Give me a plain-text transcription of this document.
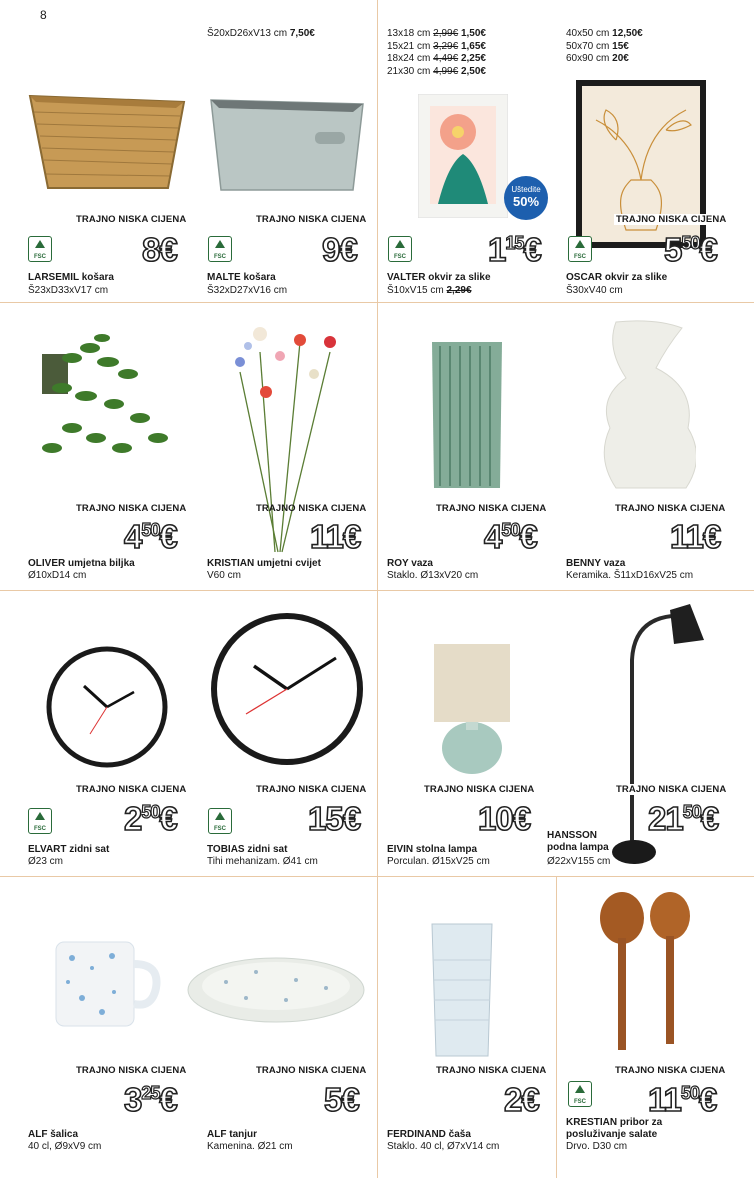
8
Š20xD26xV13 cm 7,50€	13x18 cm 2,99€ 1,50€
15x21 cm 3,29€ 1,65€
18x24 cm 4,49€ 2,25€
21x30 cm 4,99€ 2,50€
40x50 cm 12,50€
50x70 cm 15€
60x90 cm 20€
Uštedite
50%
TRAJNO NISKA CIJENA
FSC	8€
LARSEMIL košara
Š23xD33xV17 cm
TRAJNO NISKA CIJENA
FSC	9€
MALTE košara
Š32xD27xV16 cm
FSC $1^{15}€$
VALTER okvir za slike
Š10xV15 cm 2,29€
TRAJNO NISKA CIJENA
FSC $5^{50}€$
OSCAR okvir za slike
Š30xV40 cm
TRAJNO NISKA CIJENA
$4^{50}€$
OLIVER umjetna biljka
Ø10xD14 cm
TRAJNO NISKA CIJENA
11€
KRISTIAN umjetni cvijet
V60 cm
TRAJNO NISKA CIJENA
$4^{50}€$
ROY vaza
Staklo. Ø13xV20 cm
TRAJNO NISKA CIJENA
11€
BENNY vaza
Keramika. Š11xD16xV25 cm
TRAJNO NISKA CIJENA
FSC $2^{50}€$
ELVART zidni sat
Ø23 cm
TRAJNO NISKA CIJENA
FSC 15€
TOBIAS zidni sat
Tihi mehanizam. Ø41 cm
TRAJNO NISKA CIJENA
10€
EIVIN stolna lampa
Porculan. Ø15xV25 cm
TRAJNO NISKA CIJENA
$21^{50}€$
HANSSON
podna lampa
Ø22xV155 cm
TRAJNO NISKA CIJENA
$3^{25}€$
ALF šalica
40 cl, Ø9xV9 cm
TRAJNO NISKA CIJENA
5€
ALF tanjur
Kamenina. Ø21 cm
TRAJNO NISKA CIJENA
2€
FERDINAND čaša
Staklo. 40 cl, Ø7xV14 cm
TRAJNO NISKA CIJENA
FSC $11^{50}€$
KRESTIAN pribor za posluživanje salate
Drvo. D30 cm
